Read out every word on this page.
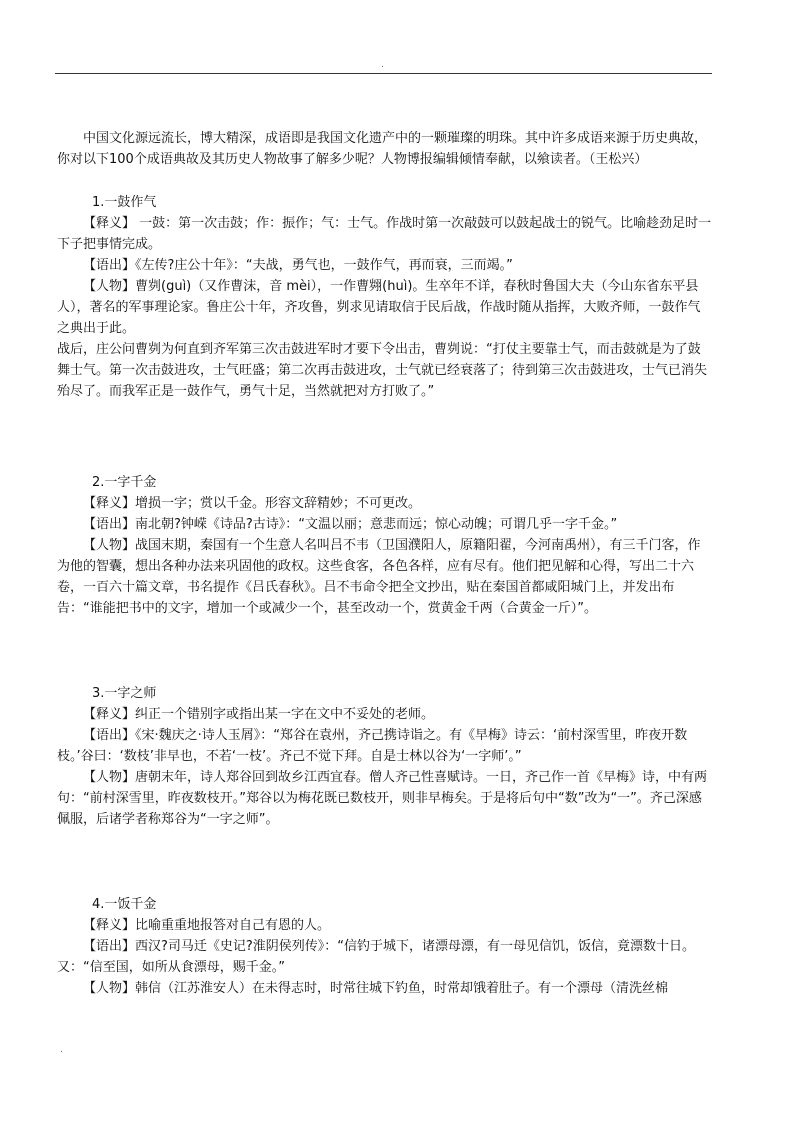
.

中国文化源远流长，博大精深，成语即是我国文化遗产中的一颗璀璨的明珠。其中许多成语来源于历史典故，你对以下100个成语典故及其历史人物故事了解多少呢？人物博报编辑倾情奉献，以飨读者。（王松兴）

1.一鼓作气

【释义】 一鼓：第一次击鼓；作：振作；气：士气。作战时第一次敲鼓可以鼓起战士的锐气。比喻趁劲足时一下子把事情完成。

【语出】《左传?庄公十年》：“夫战，勇气也，一鼓作气，再而衰，三而竭。”

【人物】曹刿(guì)（又作曹沫，音 mèi），一作曹翙(huì)。生卒年不详，春秋时鲁国大夫（今山东省东平县人），著名的军事理论家。鲁庄公十年，齐攻鲁，刿求见请取信于民后战，作战时随从指挥，大败齐师，一鼓作气之典出于此。

战后，庄公问曹刿为何直到齐军第三次击鼓进军时才要下令出击，曹刿说：“打仗主要靠士气，而击鼓就是为了鼓舞士气。第一次击鼓进攻，士气旺盛；第二次再击鼓进攻，士气就已经衰落了；待到第三次击鼓进攻，士气已消失殆尽了。而我军正是一鼓作气，勇气十足，当然就把对方打败了。”

2.一字千金

【释义】增损一字；赏以千金。形容文辞精妙；不可更改。

【语出】南北朝?钟嵘《诗品?古诗》：“文温以丽；意悲而远；惊心动魄；可谓几乎一字千金。”

【人物】战国末期，秦国有一个生意人名叫吕不韦（卫国濮阳人，原籍阳翟，今河南禹州），有三千门客，作为他的智囊，想出各种办法来巩固他的政权。这些食客，各色各样，应有尽有。他们把见解和心得，写出二十六卷，一百六十篇文章，书名提作《吕氏春秋》。吕不韦命令把全文抄出，贴在秦国首都咸阳城门上，并发出布告：“谁能把书中的文字，增加一个或减少一个，甚至改动一个，赏黄金千两（合黄金一斤）”。

3.一字之师

【释义】纠正一个错别字或指出某一字在文中不妥处的老师。

【语出】《宋·魏庆之·诗人玉屑》：“郑谷在袁州，齐己携诗诣之。有《早梅》诗云：‘前村深雪里，昨夜开数枝。’谷曰：‘数枝’非早也，不若‘一枝’。齐己不觉下拜。自是士林以谷为‘一字师’。”

【人物】唐朝末年，诗人郑谷回到故乡江西宜春。僧人齐己性喜赋诗。一日，齐己作一首《早梅》诗，中有两句：“前村深雪里，昨夜数枝开。”郑谷以为梅花既已数枝开，则非早梅矣。于是将后句中“数”改为“一”。齐己深感佩服，后诸学者称郑谷为“一字之师”。

4.一饭千金

【释义】比喻重重地报答对自己有恩的人。

【语出】西汉?司马迁《史记?淮阴侯列传》：“信钓于城下，诸漂母漂，有一母见信饥，饭信，竟漂数十日。又：“信至国，如所从食漂母，赐千金。”

【人物】韩信（江苏淮安人）在未得志时，时常往城下钓鱼，时常却饿着肚子。有一个漂母（清洗丝棉

.
